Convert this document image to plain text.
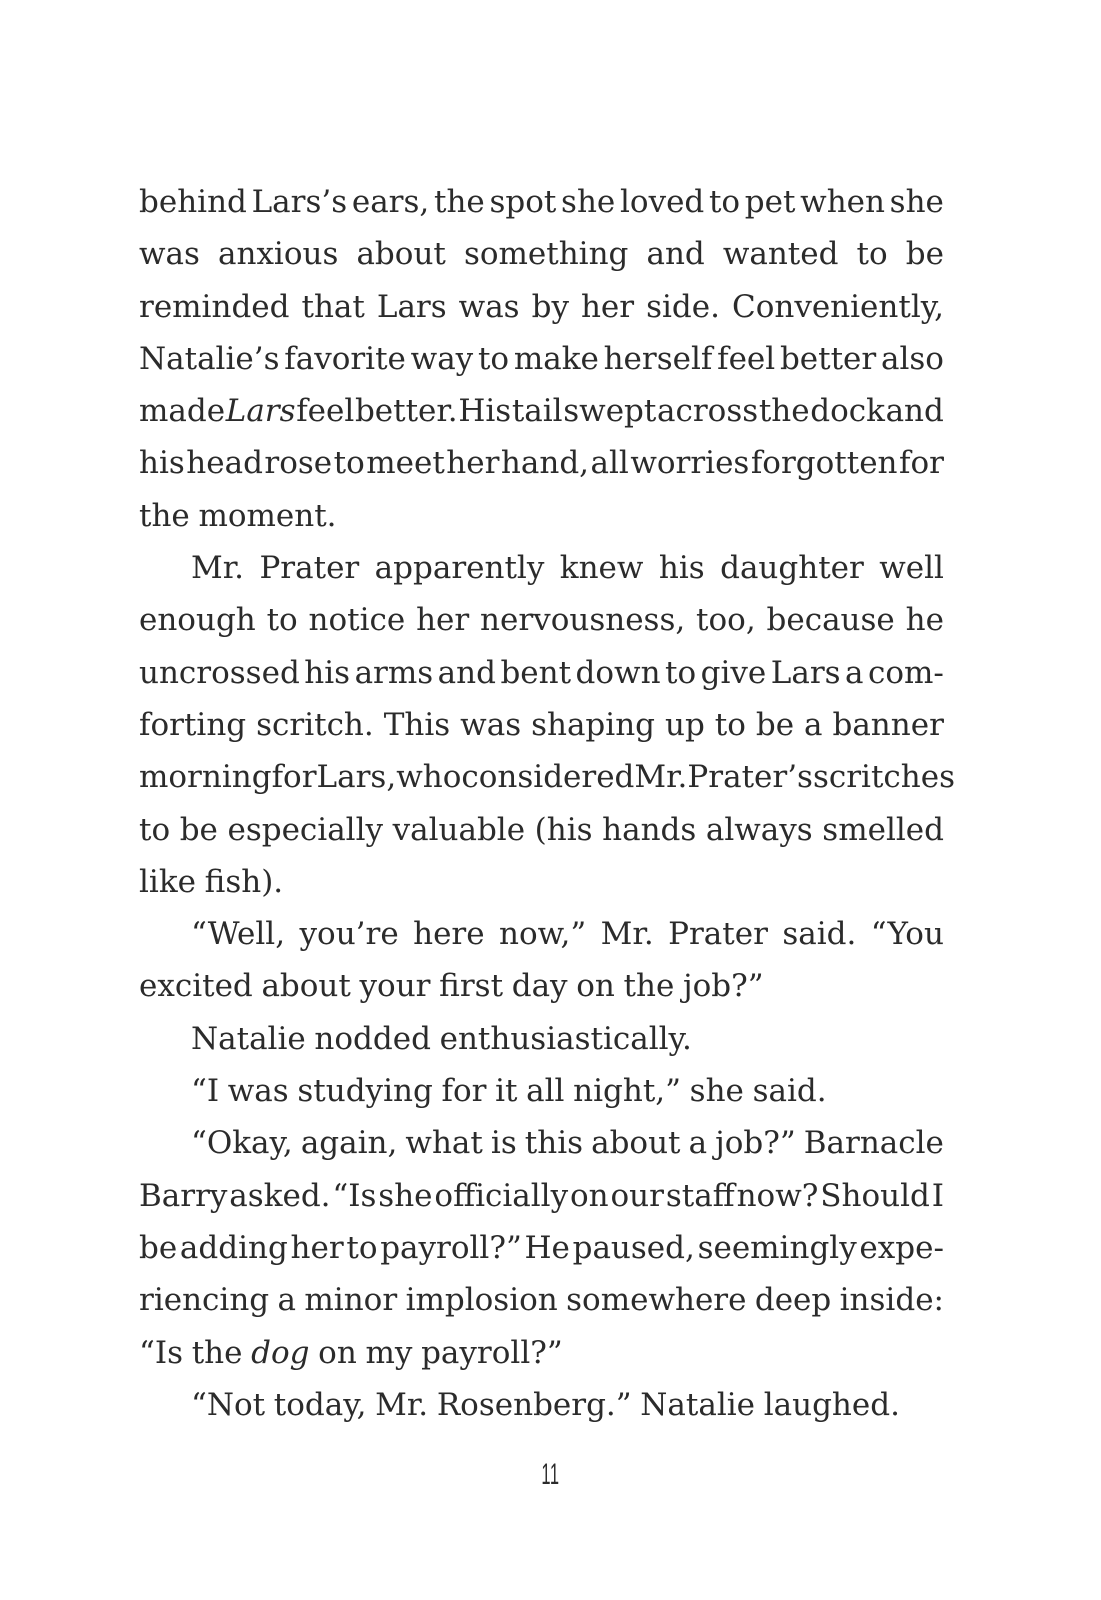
behind Lars’s ears, the spot she loved to pet when she
was anxious about something and wanted to be
reminded that Lars was by her side. Conveniently,
Natalie’s favorite way to make herself feel better also
made Lars feel better. His tail swept across the dock and
his head rose to meet her hand, all worries forgotten for
the moment.
Mr. Prater apparently knew his daughter well
enough to notice her nervousness, too, because he
uncrossed his arms and bent down to give Lars a com-
forting scritch. This was shaping up to be a banner
morning for Lars, who considered Mr. Prater’s scritches
to be especially valuable (his hands always smelled
like fish).
“Well, you’re here now,” Mr. Prater said. “You
excited about your first day on the job?”
Natalie nodded enthusiastically.
“I was studying for it all night,” she said.
“Okay, again, what is this about a job?” Barnacle
Barry asked. “Is she officially on our staff now? Should I
be adding her to payroll?” He paused, seemingly expe-
riencing a minor implosion somewhere deep inside:
“Is the dog on my payroll?”
“Not today, Mr. Rosenberg.” Natalie laughed.
11
